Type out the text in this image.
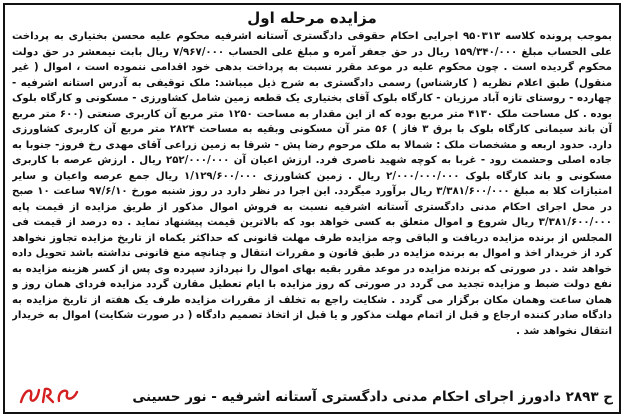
مزایده مرحله اول
بموجب پرونده کلاسه ۹۵۰۳۱۳ اجرایی احکام حقوقی دادگستری آستانه اشرفیه محکوم علیه محسن بختیاری به پرداخت علی الحساب مبلغ ۱۵۹/۳۴۰/۰۰۰ ریال در حق جعفر آمره و مبلغ علی الحساب ۷/۹۶۷/۰۰۰ ریال بابت نیمعشر در حق دولت محکوم گردیده است . چون محکوم علیه در موعد مقرر نسبت به پرداخت بدهی خود اقدامی ننموده است ، اموال ( غیر منقول) طبق اعلام نظریه ( کارشناس) رسمی دادگستری به شرح ذیل میباشد: ملک توقیفی به آدرس استانه اشرفیه - چهارده - روستای تازه آباد مرزیان - کارگاه بلوک آقای بختیاری یک قطعه زمین شامل کشاورزی - مسکونی و کارگاه بلوک بوده . کل مساحت ملک ۴۱۳۰ متر مربع بوده که از این مقدار به مساحت ۱۲۵۰ متر مربع آن کاربری صنعتی (۶۰۰ متر مربع آن باند سیمانی کارگاه بلوک با برق ۳ فاز ) ۵۶ متر آن مسکونی وبقیه به مساحت ۲۸۲۴ متر مربع آن کاربری کشاورزی دارد. حدود اربعه و مشخصات ملک : شمالا به ملک مرحوم رضا پش - شرقا به زمین زراعی آقای مهدی رخ فروز- جنوبا به جاده اصلی وحشمت رود - غربا به کوچه شهید ناصری فرد. ارزش اعیان آن ۲۵۲/۰۰۰/۰۰۰ ریال . ارزش عرصه با کاربری مسکونی و باند کارگاه بلوک ۲/۰۰۰/۰۰۰/۰۰۰ ریال . زمین کشاورزی ۱/۱۲۹/۶۰۰/۰۰۰ ریال جمع عرصه واعیان و سایر امتیازات کلا به مبلغ ۳/۳۸۱/۶۰۰/۰۰۰ ریال برآورد میگردد. این اجرا در نظر دارد در روز شنبه مورخ ۹۷/۶/۱۰ ساعت ۱۰ صبح در محل اجرای احکام مدنی دادگستری آستانه اشرفیه نسبت به فروش اموال مذکور از طریق مزایده از قیمت پایه ۳/۳۸۱/۶۰۰/۰۰۰ ریال شروع و اموال متعلق به کسی خواهد بود که بالاترین قیمت پیشنهاد نماید . ده درصد از قیمت فی المجلس از برنده مزایده دریافت و الباقی وجه مزایده طرف مهلت قانونی که حداکثر یکماه از تاریخ مزایده تجاوز نخواهد کرد از خریدار اخذ و اموال به برنده مزایده در طبق قانون و مقررات انتقال و چنانچه منع قانونی نداشته باشد تحویل داده خواهد شد . در صورتی که برنده مزایده در موعد مقرر بقیه بهای اموال را نپردازد سپرده وی پس از کسر هزینه مزایده به نفع دولت ضبط و مزایده تجدید می گردد در صورتی که روز مزایده با ایام تعطیل مقارن گردد مزایده فردای همان روز و همان ساعت وهمان مکان برگزار می گردد . شکایت راجع به تخلف از مقررات مزایده طرف یک هفته از تاریخ مزایده به دادگاه صادر کننده ارجاع و قبل از اتمام مهلت مذکور و یا قبل از اتخاذ تصمیم دادگاه ( در صورت شکایت) اموال به خریدار انتقال نخواهد شد .
ح ۲۸۹۳ دادورز اجرای احکام مدنی دادگستری آستانه اشرفیه - نور حسینی
